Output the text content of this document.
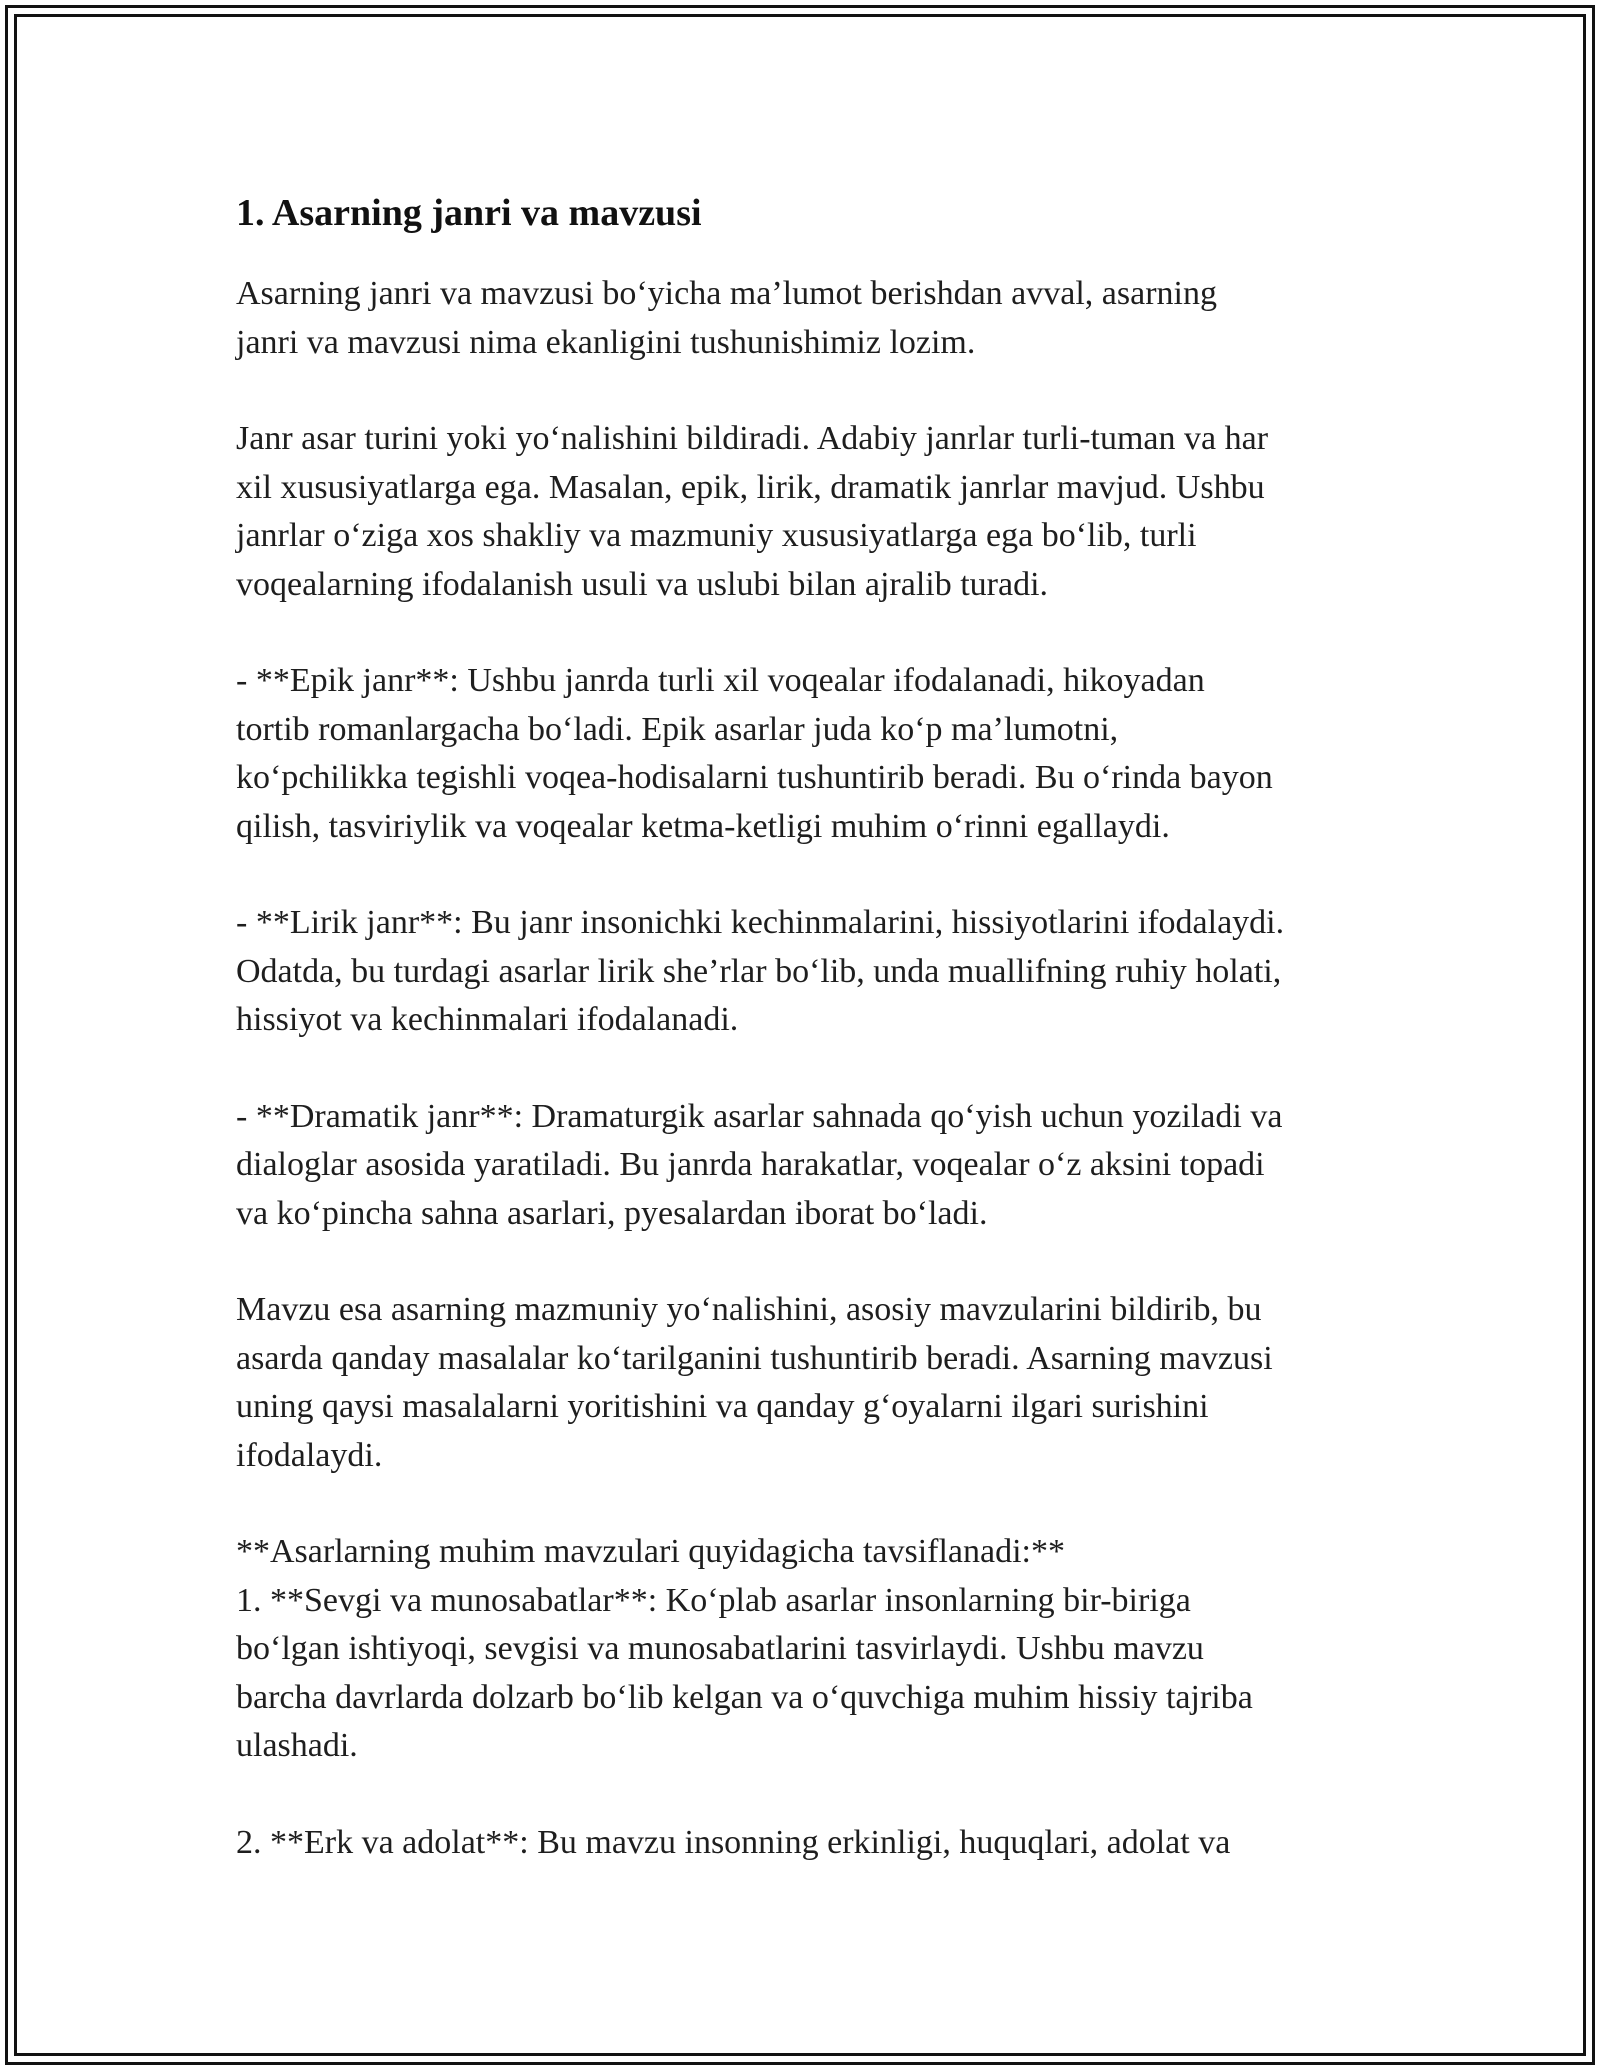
1. Asarning janri va mavzusi
Asarning janri va mavzusi bo‘yicha ma’lumot berishdan avval, asarning
janri va mavzusi nima ekanligini tushunishimiz lozim.
Janr asar turini yoki yo‘nalishini bildiradi. Adabiy janrlar turli-tuman va har
xil xususiyatlarga ega. Masalan, epik, lirik, dramatik janrlar mavjud. Ushbu
janrlar o‘ziga xos shakliy va mazmuniy xususiyatlarga ega bo‘lib, turli
voqealarning ifodalanish usuli va uslubi bilan ajralib turadi.
- **Epik janr**: Ushbu janrda turli xil voqealar ifodalanadi, hikoyadan
tortib romanlargacha bo‘ladi. Epik asarlar juda ko‘p ma’lumotni,
ko‘pchilikka tegishli voqea-hodisalarni tushuntirib beradi. Bu o‘rinda bayon
qilish, tasviriylik va voqealar ketma-ketligi muhim o‘rinni egallaydi.
- **Lirik janr**: Bu janr insonichki kechinmalarini, hissiyotlarini ifodalaydi.
Odatda, bu turdagi asarlar lirik she’rlar bo‘lib, unda muallifning ruhiy holati,
hissiyot va kechinmalari ifodalanadi.
- **Dramatik janr**: Dramaturgik asarlar sahnada qo‘yish uchun yoziladi va
dialoglar asosida yaratiladi. Bu janrda harakatlar, voqealar o‘z aksini topadi
va ko‘pincha sahna asarlari, pyesalardan iborat bo‘ladi.
Mavzu esa asarning mazmuniy yo‘nalishini, asosiy mavzularini bildirib, bu
asarda qanday masalalar ko‘tarilganini tushuntirib beradi. Asarning mavzusi
uning qaysi masalalarni yoritishini va qanday g‘oyalarni ilgari surishini
ifodalaydi.
**Asarlarning muhim mavzulari quyidagicha tavsiflanadi:**
1. **Sevgi va munosabatlar**: Ko‘plab asarlar insonlarning bir-biriga
bo‘lgan ishtiyoqi, sevgisi va munosabatlarini tasvirlaydi. Ushbu mavzu
barcha davrlarda dolzarb bo‘lib kelgan va o‘quvchiga muhim hissiy tajriba
ulashadi.
2. **Erk va adolat**: Bu mavzu insonning erkinligi, huquqlari, adolat va
